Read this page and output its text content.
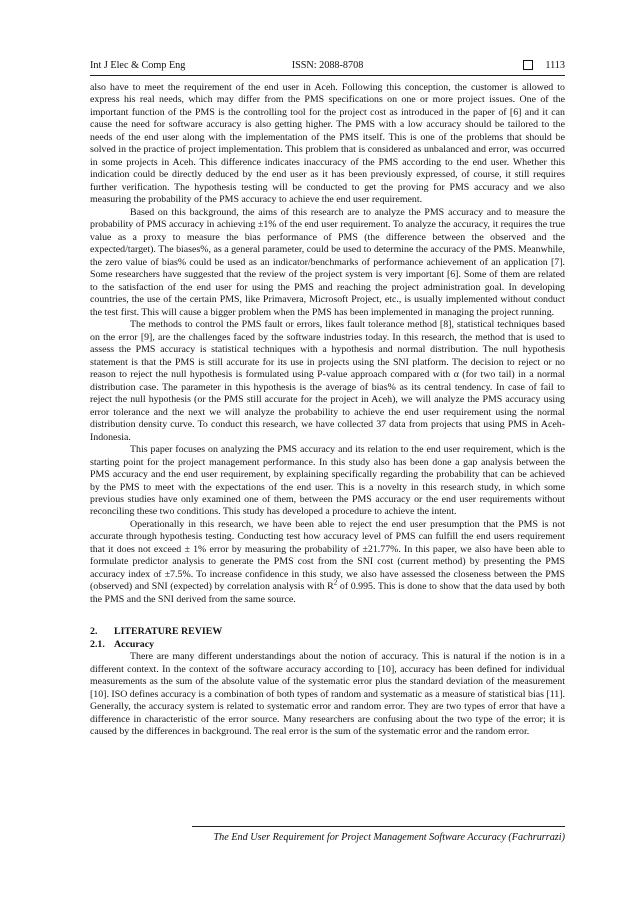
Int J Elec & Comp Eng	ISSN: 2088-8708	1113

also have to meet the requirement of the end user in Aceh. Following this conception, the customer is allowed to express his real needs, which may differ from the PMS specifications on one or more project issues. One of the important function of the PMS is the controlling tool for the project cost as introduced in the paper of [6] and it can cause the need for software accuracy is also getting higher. The PMS with a low accuracy should be tailored to the needs of the end user along with the implementation of the PMS itself. This is one of the problems that should be solved in the practice of project implementation. This problem that is considered as unbalanced and error, was occurred in some projects in Aceh. This difference indicates inaccuracy of the PMS according to the end user. Whether this indication could be directly deduced by the end user as it has been previously expressed, of course, it still requires further verification. The hypothesis testing will be conducted to get the proving for PMS accuracy and we also measuring the probability of the PMS accuracy to achieve the end user requirement.

Based on this background, the aims of this research are to analyze the PMS accuracy and to measure the probability of PMS accuracy in achieving ±1% of the end user requirement. To analyze the accuracy, it requires the true value as a proxy to measure the bias performance of PMS (the difference between the observed and the expected/target). The biases%, as a general parameter, could be used to determine the accuracy of the PMS. Meanwhile, the zero value of bias% could be used as an indicator/benchmarks of performance achievement of an application [7]. Some researchers have suggested that the review of the project system is very important [6]. Some of them are related to the satisfaction of the end user for using the PMS and reaching the project administration goal. In developing countries, the use of the certain PMS, like Primavera, Microsoft Project, etc., is usually implemented without conduct the test first. This will cause a bigger problem when the PMS has been implemented in managing the project running.

The methods to control the PMS fault or errors, likes fault tolerance method [8], statistical techniques based on the error [9], are the challenges faced by the software industries today. In this research, the method that is used to assess the PMS accuracy is statistical techniques with a hypothesis and normal distribution. The null hypothesis statement is that the PMS is still accurate for its use in projects using the SNI platform. The decision to reject or no reason to reject the null hypothesis is formulated using P-value approach compared with α (for two tail) in a normal distribution case. The parameter in this hypothesis is the average of bias% as its central tendency. In case of fail to reject the null hypothesis (or the PMS still accurate for the project in Aceh), we will analyze the PMS accuracy using error tolerance and the next we will analyze the probability to achieve the end user requirement using the normal distribution density curve. To conduct this research, we have collected 37 data from projects that using PMS in Aceh-Indonesia.

This paper focuses on analyzing the PMS accuracy and its relation to the end user requirement, which is the starting point for the project management performance. In this study also has been done a gap analysis between the PMS accuracy and the end user requirement, by explaining specifically regarding the probability that can be achieved by the PMS to meet with the expectations of the end user. This is a novelty in this research study, in which some previous studies have only examined one of them, between the PMS accuracy or the end user requirements without reconciling these two conditions. This study has developed a procedure to achieve the intent.

Operationally in this research, we have been able to reject the end user presumption that the PMS is not accurate through hypothesis testing. Conducting test how accuracy level of PMS can fulfill the end users requirement that it does not exceed ± 1% error by measuring the probability of ±21.77%. In this paper, we also have been able to formulate predictor analysis to generate the PMS cost from the SNI cost (current method) by presenting the PMS accuracy index of ±7.5%. To increase confidence in this study, we also have assessed the closeness between the PMS (observed) and SNI (expected) by correlation analysis with $R^2$ of 0.995. This is done to show that the data used by both the PMS and the SNI derived from the same source.

2.	LITERATURE REVIEW

2.1. Accuracy

There are many different understandings about the notion of accuracy. This is natural if the notion is in a different context. In the context of the software accuracy according to [10], accuracy has been defined for individual measurements as the sum of the absolute value of the systematic error plus the standard deviation of the measurement [10]. ISO defines accuracy is a combination of both types of random and systematic as a measure of statistical bias [11]. Generally, the accuracy system is related to systematic error and random error. They are two types of error that have a difference in characteristic of the error source. Many researchers are confusing about the two type of the error; it is caused by the differences in background. The real error is the sum of the systematic error and the random error.

The End User Requirement for Project Management Software Accuracy (Fachrurrazi)
